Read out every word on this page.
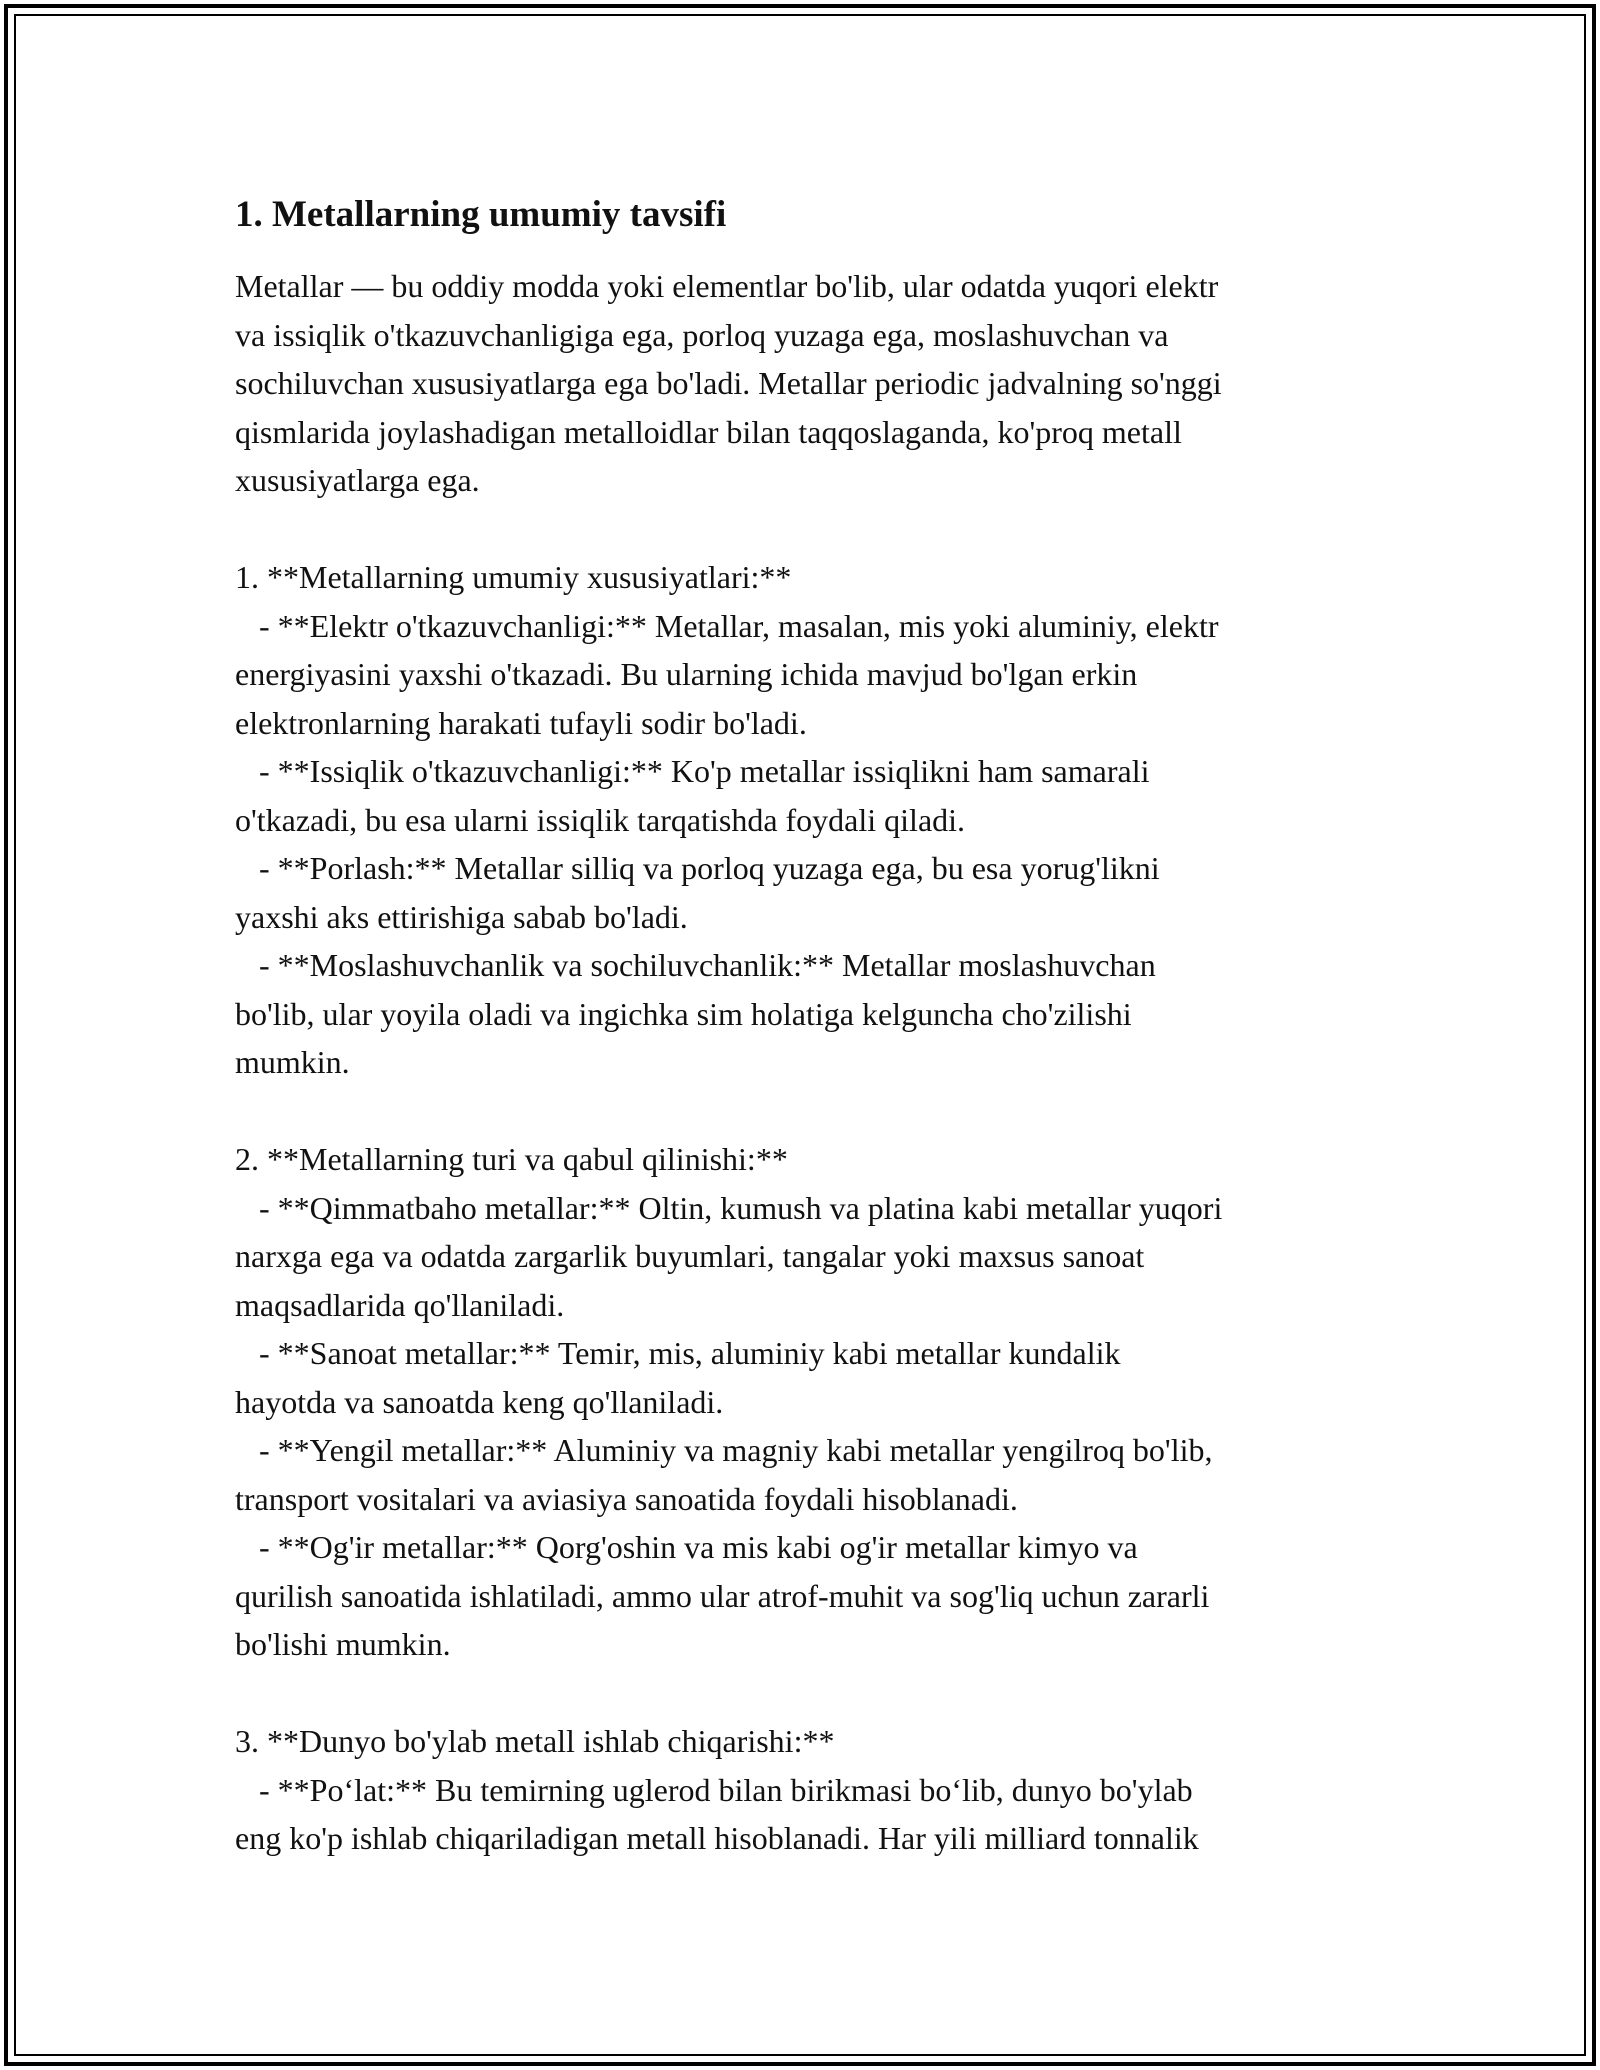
1. Metallarning umumiy tavsifi

Metallar — bu oddiy modda yoki elementlar bo'lib, ular odatda yuqori elektr
va issiqlik o'tkazuvchanligiga ega, porloq yuzaga ega, moslashuvchan va
sochiluvchan xususiyatlarga ega bo'ladi. Metallar periodic jadvalning so'nggi
qismlarida joylashadigan metalloidlar bilan taqqoslaganda, ko'proq metall
xususiyatlarga ega.

1. **Metallarning umumiy xususiyatlari:**
- **Elektr o'tkazuvchanligi:** Metallar, masalan, mis yoki aluminiy, elektr
energiyasini yaxshi o'tkazadi. Bu ularning ichida mavjud bo'lgan erkin
elektronlarning harakati tufayli sodir bo'ladi.
- **Issiqlik o'tkazuvchanligi:** Ko'p metallar issiqlikni ham samarali
o'tkazadi, bu esa ularni issiqlik tarqatishda foydali qiladi.
- **Porlash:** Metallar silliq va porloq yuzaga ega, bu esa yorug'likni
yaxshi aks ettirishiga sabab bo'ladi.
- **Moslashuvchanlik va sochiluvchanlik:** Metallar moslashuvchan
bo'lib, ular yoyila oladi va ingichka sim holatiga kelguncha cho'zilishi
mumkin.

2. **Metallarning turi va qabul qilinishi:**
- **Qimmatbaho metallar:** Oltin, kumush va platina kabi metallar yuqori
narxga ega va odatda zargarlik buyumlari, tangalar yoki maxsus sanoat
maqsadlarida qo'llaniladi.
- **Sanoat metallar:** Temir, mis, aluminiy kabi metallar kundalik
hayotda va sanoatda keng qo'llaniladi.
- **Yengil metallar:** Aluminiy va magniy kabi metallar yengilroq bo'lib,
transport vositalari va aviasiya sanoatida foydali hisoblanadi.
- **Og'ir metallar:** Qorg'oshin va mis kabi og'ir metallar kimyo va
qurilish sanoatida ishlatiladi, ammo ular atrof-muhit va sog'liq uchun zararli
bo'lishi mumkin.

3. **Dunyo bo'ylab metall ishlab chiqarishi:**
- **Po‘lat:** Bu temirning uglerod bilan birikmasi bo‘lib, dunyo bo'ylab
eng ko'p ishlab chiqariladigan metall hisoblanadi. Har yili milliard tonnalik
